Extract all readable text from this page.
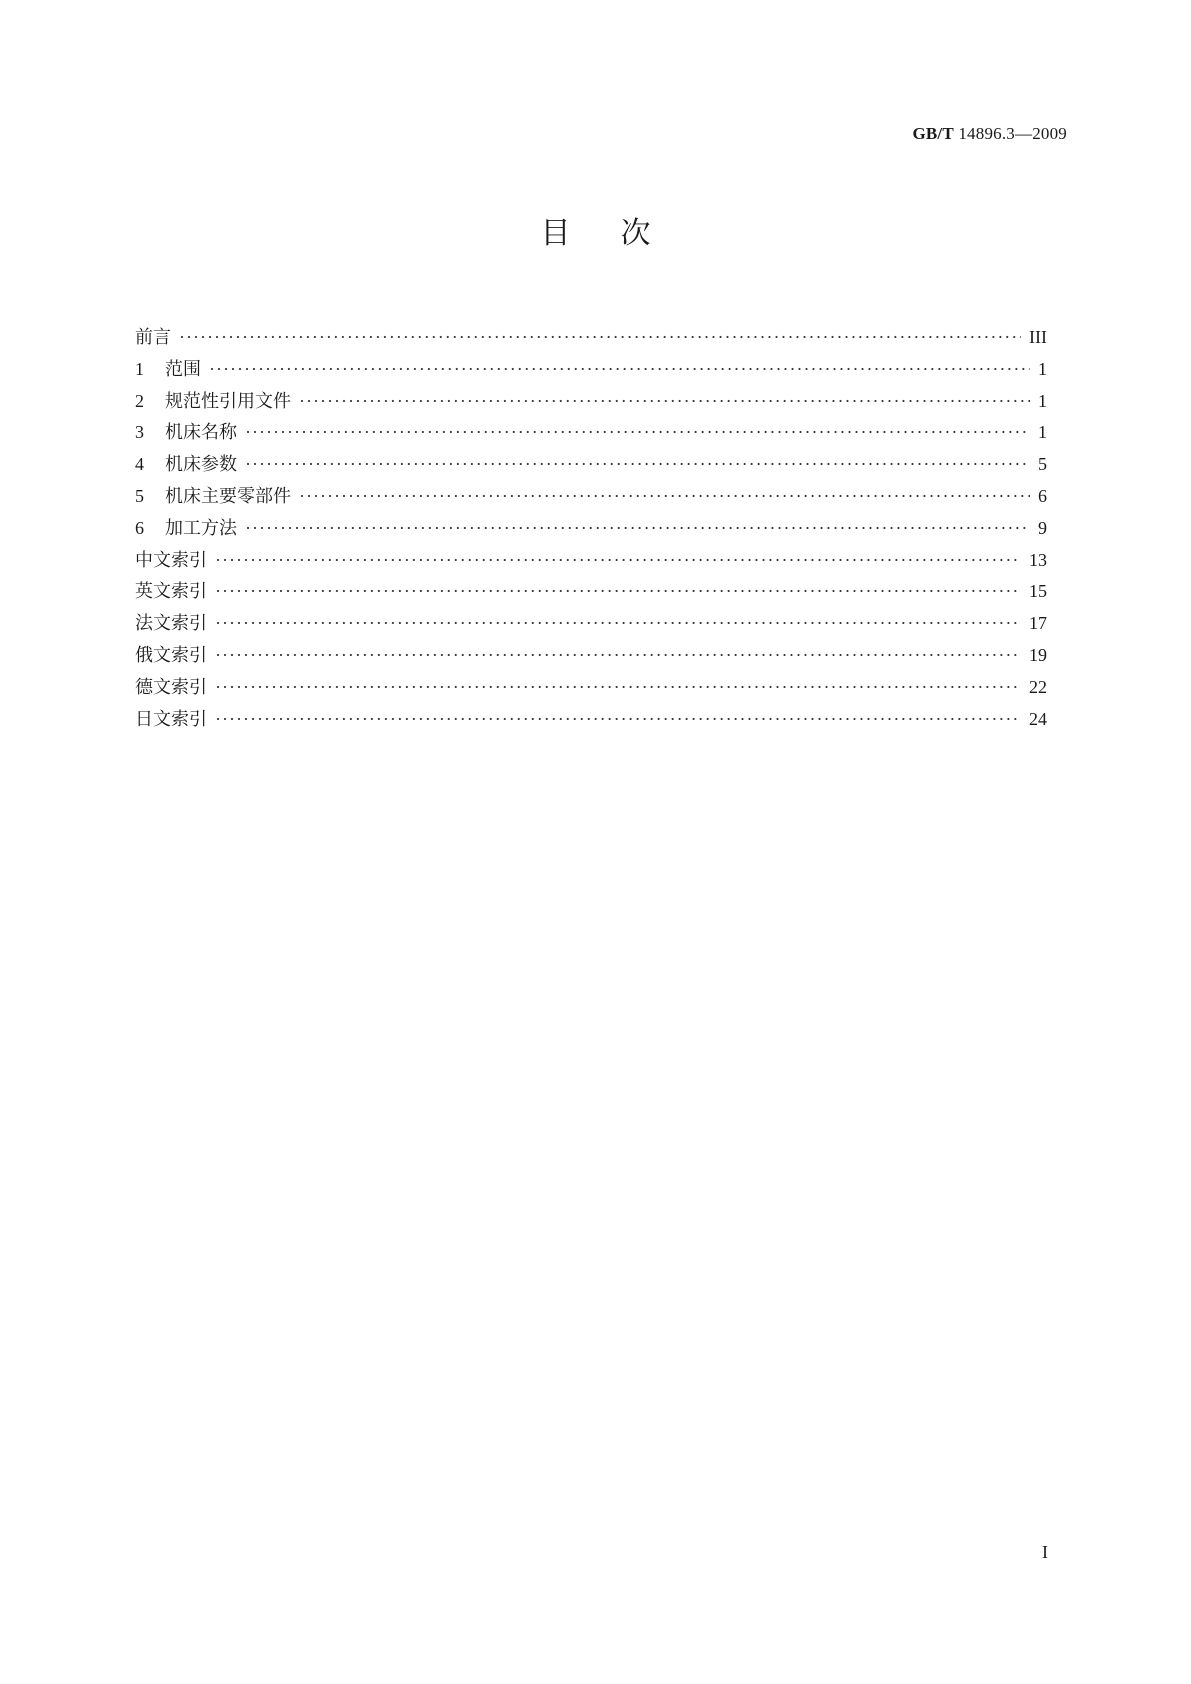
GB/T 14896.3—2009
目次
前言 ·····	III
1	范围 ·····	1
2	规范性引用文件 ·····	1
3	机床名称 ·····	1
4	机床参数 ·····	5
5	机床主要零部件 ·····	6
6	加工方法 ·····	9
中文索引 ·····	13
英文索引 ·····	15
法文索引 ·····	17
俄文索引 ·····	19
德文索引 ·····	22
日文索引 ·····	24
I
